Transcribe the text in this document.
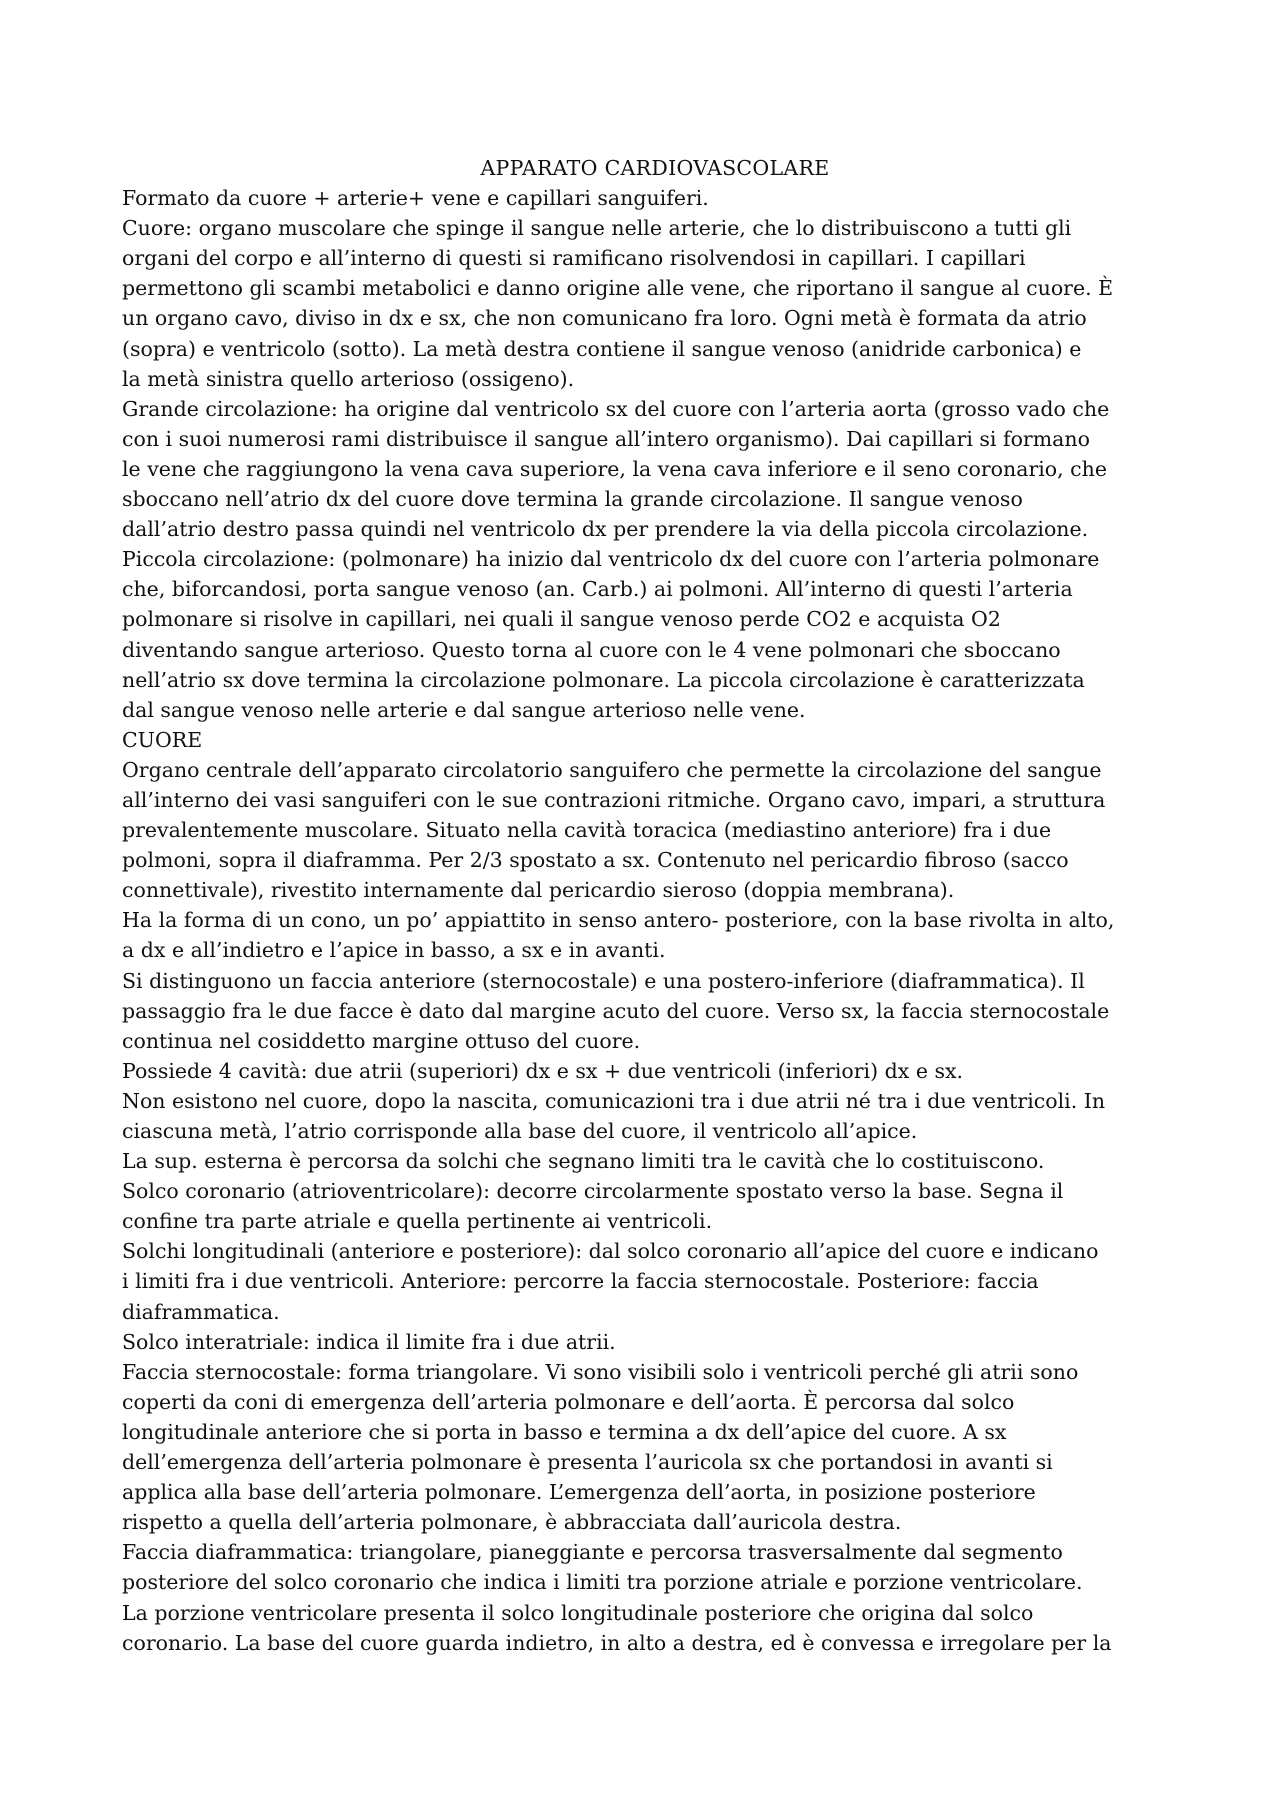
APPARATO CARDIOVASCOLARE

Formato da cuore + arterie+ vene e capillari sanguiferi.

Cuore: organo muscolare che spinge il sangue nelle arterie, che lo distribuiscono a tutti gli

organi del corpo e all’interno di questi si ramificano risolvendosi in capillari. I capillari

permettono gli scambi metabolici e danno origine alle vene, che riportano il sangue al cuore. È

un organo cavo, diviso in dx e sx, che non comunicano fra loro. Ogni metà è formata da atrio

(sopra) e ventricolo (sotto). La metà destra contiene il sangue venoso (anidride carbonica) e

la metà sinistra quello arterioso (ossigeno).

Grande circolazione: ha origine dal ventricolo sx del cuore con l’arteria aorta (grosso vado che

con i suoi numerosi rami distribuisce il sangue all’intero organismo). Dai capillari si formano

le vene che raggiungono la vena cava superiore, la vena cava inferiore e il seno coronario, che

sboccano nell’atrio dx del cuore dove termina la grande circolazione. Il sangue venoso

dall’atrio destro passa quindi nel ventricolo dx per prendere la via della piccola circolazione.

Piccola circolazione: (polmonare) ha inizio dal ventricolo dx del cuore con l’arteria polmonare

che, biforcandosi, porta sangue venoso (an. Carb.) ai polmoni. All’interno di questi l’arteria

polmonare si risolve in capillari, nei quali il sangue venoso perde CO2 e acquista O2

diventando sangue arterioso. Questo torna al cuore con le 4 vene polmonari che sboccano

nell’atrio sx dove termina la circolazione polmonare. La piccola circolazione è caratterizzata

dal sangue venoso nelle arterie e dal sangue arterioso nelle vene.

CUORE

Organo centrale dell’apparato circolatorio sanguifero che permette la circolazione del sangue

all’interno dei vasi sanguiferi con le sue contrazioni ritmiche. Organo cavo, impari, a struttura

prevalentemente muscolare. Situato nella cavità toracica (mediastino anteriore) fra i due

polmoni, sopra il diaframma. Per 2/3 spostato a sx. Contenuto nel pericardio fibroso (sacco

connettivale), rivestito internamente dal pericardio sieroso (doppia membrana).

Ha la forma di un cono, un po’ appiattito in senso antero- posteriore, con la base rivolta in alto,

a dx e all’indietro e l’apice in basso, a sx e in avanti.

Si distinguono un faccia anteriore (sternocostale) e una postero-inferiore (diaframmatica). Il

passaggio fra le due facce è dato dal margine acuto del cuore. Verso sx, la faccia sternocostale

continua nel cosiddetto margine ottuso del cuore.

Possiede 4 cavità: due atrii (superiori) dx e sx + due ventricoli (inferiori) dx e sx.

Non esistono nel cuore, dopo la nascita, comunicazioni tra i due atrii né tra i due ventricoli. In

ciascuna metà, l’atrio corrisponde alla base del cuore, il ventricolo all’apice.

La sup. esterna è percorsa da solchi che segnano limiti tra le cavità che lo costituiscono.

Solco coronario (atrioventricolare): decorre circolarmente spostato verso la base. Segna il

confine tra parte atriale e quella pertinente ai ventricoli.

Solchi longitudinali (anteriore e posteriore): dal solco coronario all’apice del cuore e indicano

i limiti fra i due ventricoli. Anteriore: percorre la faccia sternocostale. Posteriore: faccia

diaframmatica.

Solco interatriale: indica il limite fra i due atrii.

Faccia sternocostale: forma triangolare. Vi sono visibili solo i ventricoli perché gli atrii sono

coperti da coni di emergenza dell’arteria polmonare e dell’aorta. È percorsa dal solco

longitudinale anteriore che si porta in basso e termina a dx dell’apice del cuore. A sx

dell’emergenza dell’arteria polmonare è presenta l’auricola sx che portandosi in avanti si

applica alla base dell’arteria polmonare. L’emergenza dell’aorta, in posizione posteriore

rispetto a quella dell’arteria polmonare, è abbracciata dall’auricola destra.

Faccia diaframmatica: triangolare, pianeggiante e percorsa trasversalmente dal segmento

posteriore del solco coronario che indica i limiti tra porzione atriale e porzione ventricolare.

La porzione ventricolare presenta il solco longitudinale posteriore che origina dal solco

coronario. La base del cuore guarda indietro, in alto a destra, ed è convessa e irregolare per la
